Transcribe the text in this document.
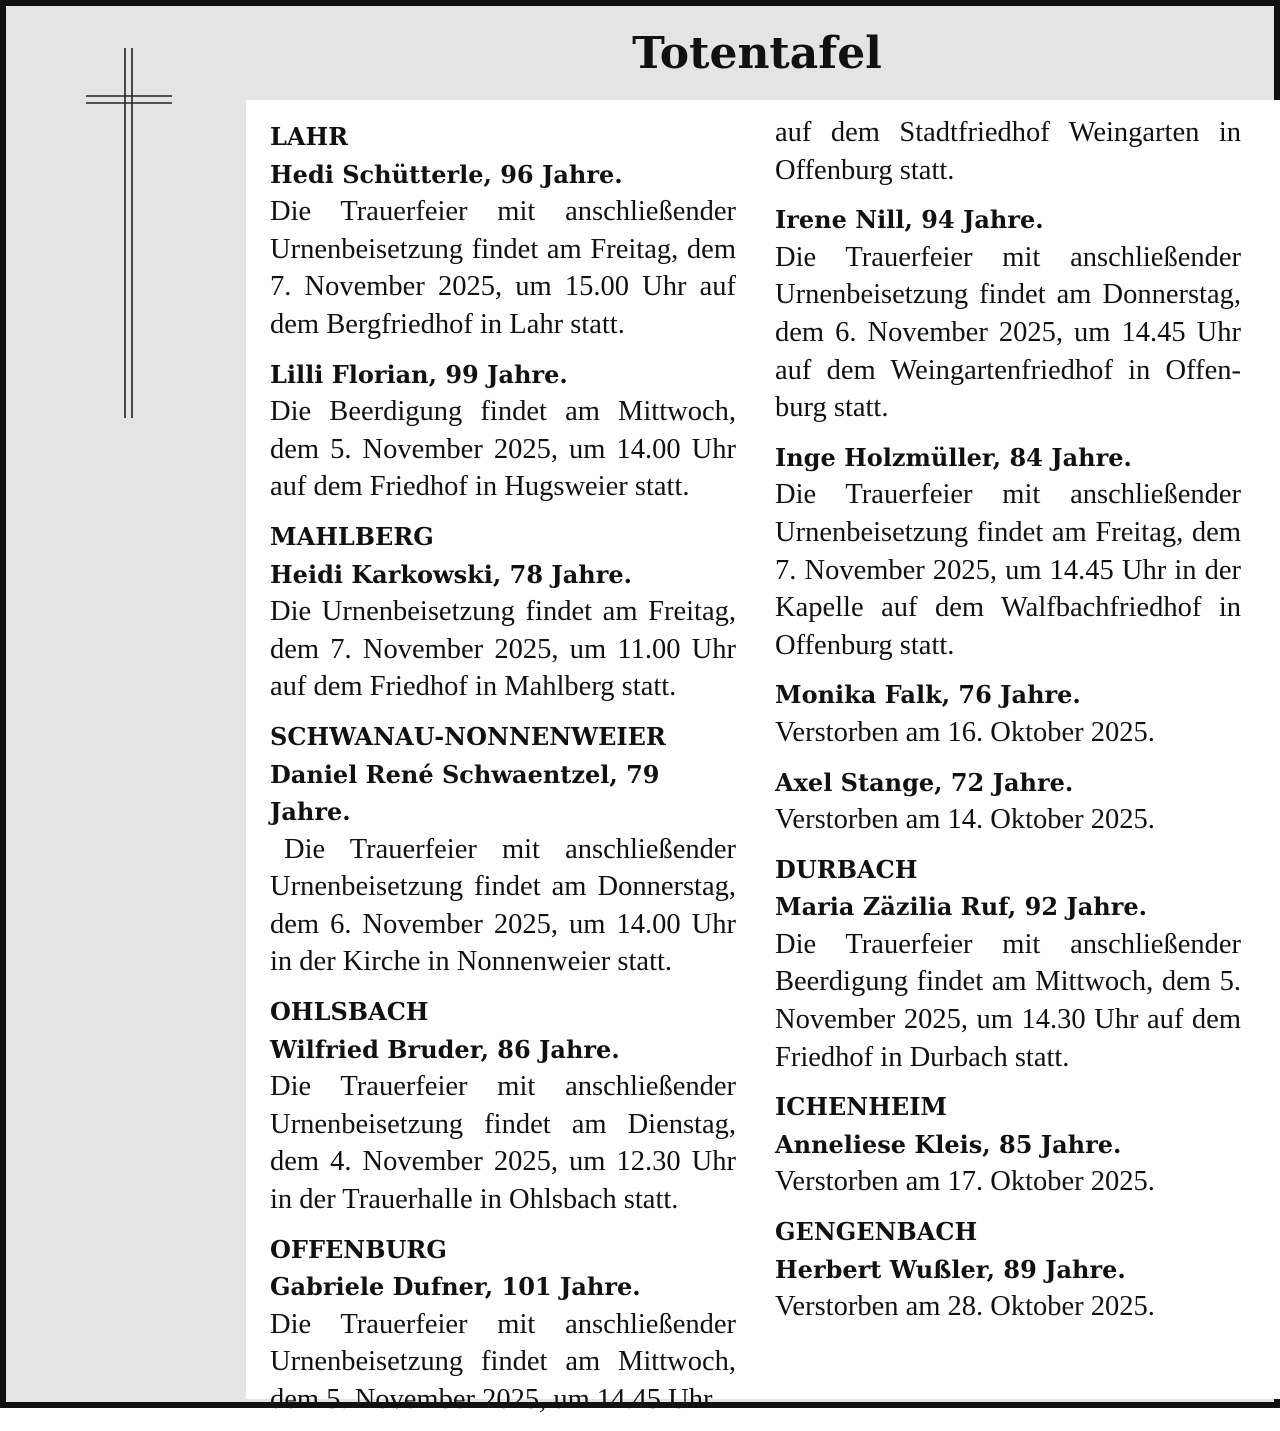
Totentafel
LAHR
Hedi Schütterle, 96 Jahre.
Die Trauerfeier mit anschließender Urnenbeisetzung findet am Freitag, dem 7. November 2025, um 15.00 Uhr auf dem Bergfriedhof in Lahr statt.
Lilli Florian, 99 Jahre.
Die Beerdigung findet am Mittwoch, dem 5. November 2025, um 14.00 Uhr auf dem Friedhof in Hugsweier statt.
MAHLBERG
Heidi Karkowski, 78 Jahre.
Die Urnenbeisetzung findet am Freitag, dem 7. November 2025, um 11.00 Uhr auf dem Friedhof in Mahlberg statt.
SCHWANAU-NONNENWEIER
Daniel René Schwaentzel, 79 Jahre.
Die Trauerfeier mit anschließender Urnenbeisetzung findet am Donnerstag, dem 6. November 2025, um 14.00 Uhr in der Kirche in Nonnenweier statt.
OHLSBACH
Wilfried Bruder, 86 Jahre.
Die Trauerfeier mit anschließender Urnenbeisetzung findet am Dienstag, dem 4. November 2025, um 12.30 Uhr in der Trauerhalle in Ohlsbach statt.
OFFENBURG
Gabriele Dufner, 101 Jahre.
Die Trauerfeier mit anschließender Urnenbeisetzung findet am Mittwoch, dem 5. November 2025, um 14.45 Uhr
auf dem Stadtfriedhof Weingarten in Offenburg statt.
Irene Nill, 94 Jahre.
Die Trauerfeier mit anschließender Urnenbeisetzung findet am Donnerstag, dem 6. November 2025, um 14.45 Uhr auf dem Weingartenfriedhof in Offen- burg statt.
Inge Holzmüller, 84 Jahre.
Die Trauerfeier mit anschließender Urnenbeisetzung findet am Freitag, dem 7. November 2025, um 14.45 Uhr in der Kapelle auf dem Walfbachfriedhof in Offenburg statt.
Monika Falk, 76 Jahre.
Verstorben am 16. Oktober 2025.
Axel Stange, 72 Jahre.
Verstorben am 14. Oktober 2025.
DURBACH
Maria Zäzilia Ruf, 92 Jahre.
Die Trauerfeier mit anschließender Beerdigung findet am Mittwoch, dem 5. November 2025, um 14.30 Uhr auf dem Friedhof in Durbach statt.
ICHENHEIM
Anneliese Kleis, 85 Jahre.
Verstorben am 17. Oktober 2025.
GENGENBACH
Herbert Wußler, 89 Jahre.
Verstorben am 28. Oktober 2025.
